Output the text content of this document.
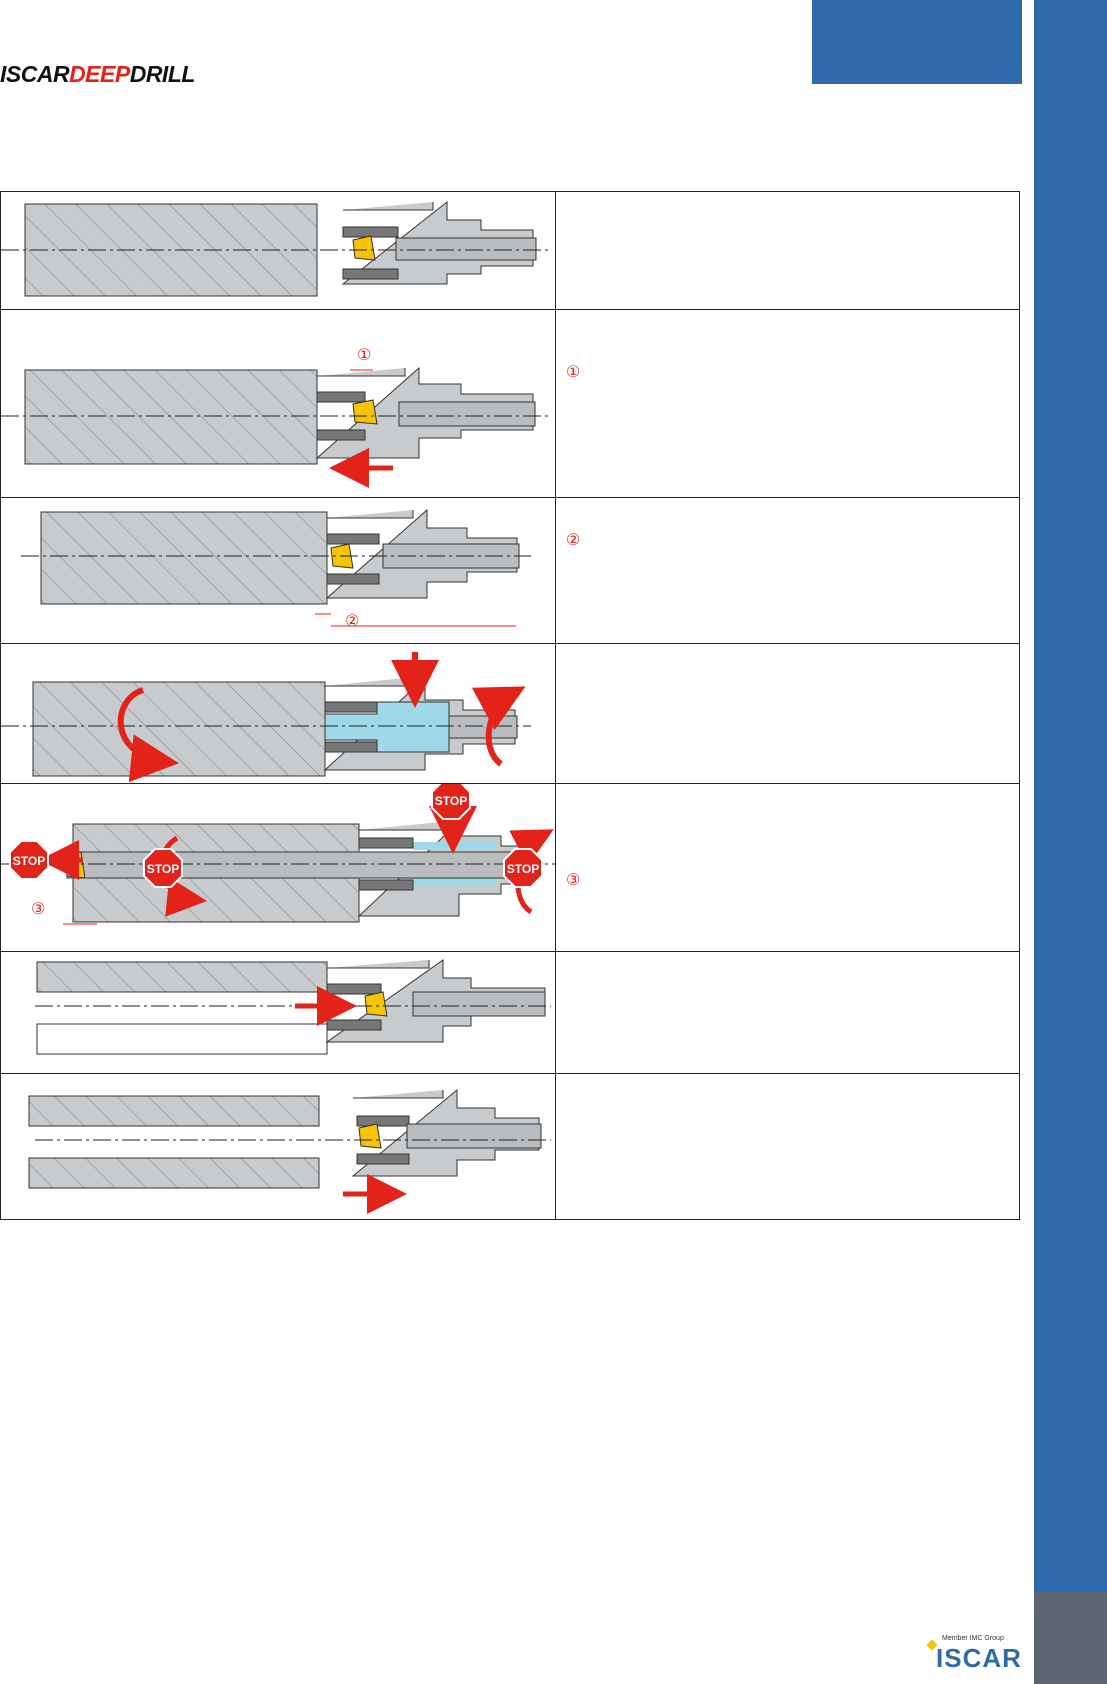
ISCARDEEPDRILL
①
①
②
②
STOP
STOP
STOP	STOP
③
③
Member IMC Group
ISCAR
